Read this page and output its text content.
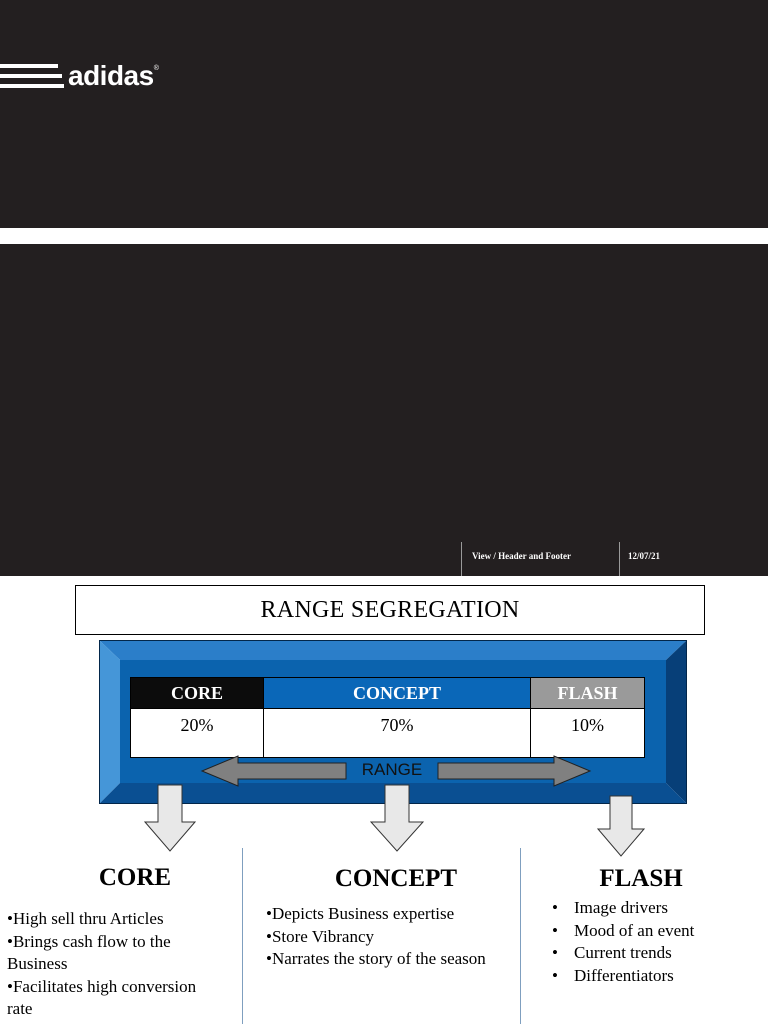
adidas ®
View / Header and Footer	12/07/21
RANGE SEGREGATION
CORE	CONCEPT	FLASH
20%	70%	10%
RANGE
CORE
•High sell thru Articles
•Brings cash flow to the
Business
•Facilitates high conversion
rate
CONCEPT
•Depicts Business expertise
•Store Vibrancy
•Narrates the story of the season
FLASH
• Image drivers
• Mood of an event
• Current trends
• Differentiators
